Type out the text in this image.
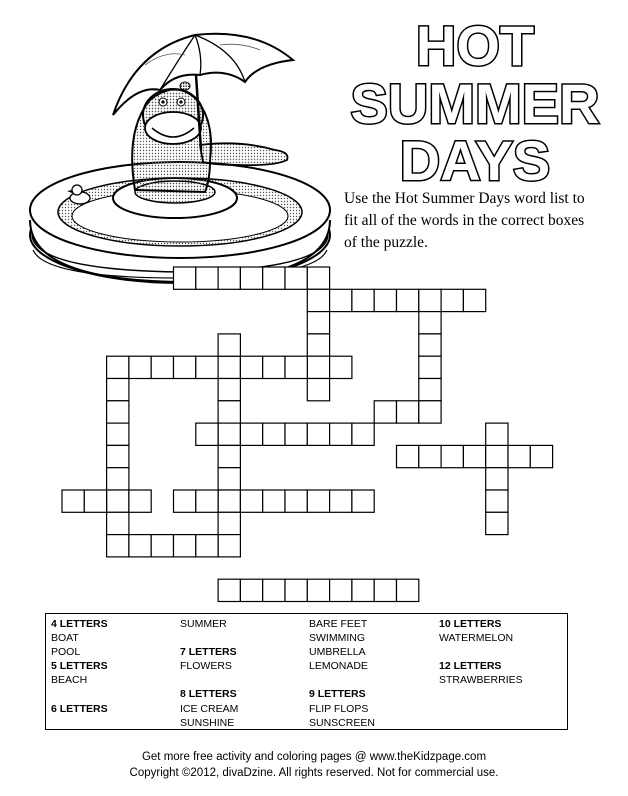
HOT
SUMMER
DAYS
Use the Hot Summer Days word list to fit all of the words in the correct boxes of the puzzle.
4 LETTERS
BOAT
POOL
5 LETTERS
BEACH
6 LETTERS
SUMMER
7 LETTERS
FLOWERS
8 LETTERS
ICE CREAM
SUNSHINE
BARE FEET
SWIMMING
UMBRELLA
LEMONADE
9 LETTERS
FLIP FLOPS
SUNSCREEN
10 LETTERS
WATERMELON
12 LETTERS
STRAWBERRIES
Get more free activity and coloring pages @ www.theKidzpage.com
Copyright ©2012, divaDzine. All rights reserved. Not for commercial use.
